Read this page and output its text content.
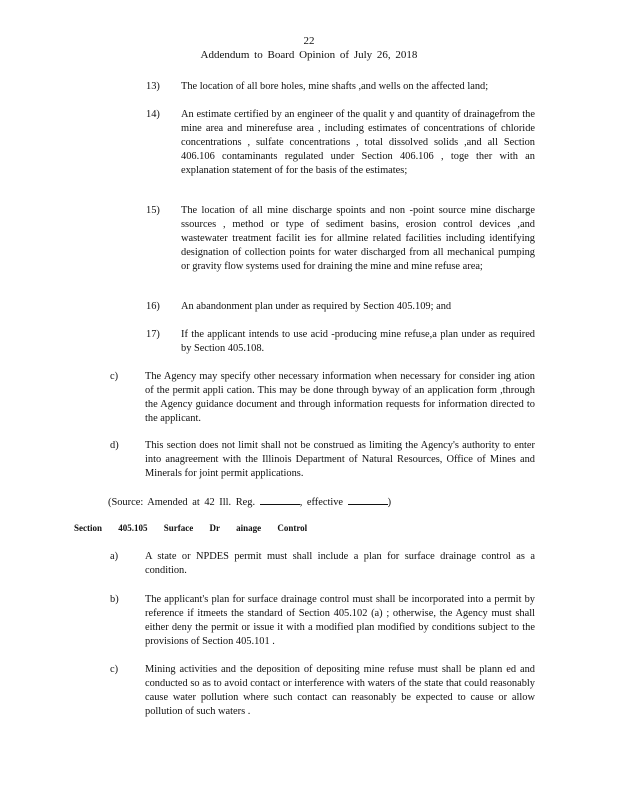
22
Addendum to Board Opinion of July 26, 2018
13) The location of all bore holes, mine shafts ,and wells on the affected land;
14) An estimate certified by an engineer of the qualit y and quantity of drainagefrom the mine area and minerefuse area , including estimates of concentrations of chloride concentrations , sulfate concentrations , total dissolved solids ,and all Section 406.106 contaminants regulated under Section 406.106 , toge ther with an explanation statement of for the basis of the estimates;
15) The location of all mine discharge spoints and non -point source mine discharge ssources , method or type of sediment basins, erosion control devices ,and wastewater treatment facilit ies for allmine related facilities including identifying designation of collection points for water discharged from all mechanical pumping or gravity flow systems used for draining the mine and mine refuse area;
16) An abandonment plan under as required by Section 405.109; and
17) If the applicant intends to use acid -producing mine refuse,a plan under as required by Section 405.108.
c)	The Agency may specify other necessary information when necessary for consider ing ation of the permit appli cation. This may be done through byway of an application form ,through the Agency guidance document and through information requests for information directed to the applicant.
d)	This section does not limit shall not be construed as limiting the Agency's authority to enter into anagreement with the Illinois Department of Natural Resources, Office of Mines and Minerals for joint permit applications.
(Source: Amended at 42 Ill. Reg.	, effective	)
Section 405.105 Surface Dr ainage Control
a)	A state or NPDES permit must shall include a plan for surface drainage control as a condition.
b)	The applicant's plan for surface drainage control must shall be incorporated into a permit by reference if itmeets the standard of Section 405.102 (a) ; otherwise, the Agency must shall either deny the permit or issue it with a modified plan modified by conditions subject to the provisions of Section 405.101 .
c)	Mining activities and the deposition of depositing mine refuse must shall be plann ed and conducted so as to avoid contact or interference with waters of the state that could reasonably cause water pollution where such contact can reasonably be expected to cause or allow pollution of such waters .
